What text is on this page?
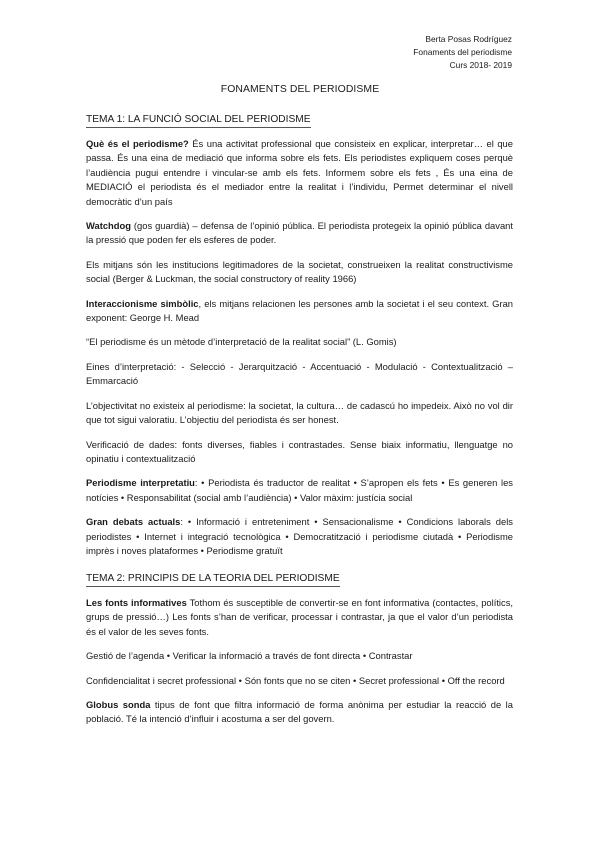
Berta Posas Rodríguez
Fonaments del periodisme
Curs 2018- 2019
FONAMENTS DEL PERIODISME
TEMA 1: LA FUNCIÓ SOCIAL DEL PERIODISME

Què és el periodisme? És una activitat professional que consisteix en explicar, interpretar… el que passa. És una eina de mediació que informa sobre els fets. Els periodistes expliquem coses perquè l’audiència pugui entendre i vincular-se amb els fets. Informem sobre els fets , És una eina de MEDIACIÓ el periodista és el mediador entre la realitat i l’individu, Permet determinar el nivell democràtic d’un país

Watchdog (gos guardià) – defensa de l’opinió pública. El periodista protegeix la opinió pública davant la pressió que poden fer els esferes de poder.

Els mitjans són les institucions legitimadores de la societat, construeixen la realitat constructivisme social (Berger & Luckman, the social constructory of reality 1966)

Interaccionisme simbòlic, els mitjans relacionen les persones amb la societat i el seu context. Gran exponent: George H. Mead

“El periodisme és un mètode d’interpretació de la realitat social” (L. Gomis)

Eines d’interpretació: - Selecció - Jerarquització - Accentuació - Modulació - Contextualització – Emmarcació

L’objectivitat no existeix al periodisme: la societat, la cultura… de cadascú ho impedeix. Això no vol dir que tot sigui valoratiu. L’objectiu del periodista és ser honest.

Verificació de dades: fonts diverses, fiables i contrastades. Sense biaix informatiu, llenguatge no opinatiu i contextualització

Periodisme interpretatiu: • Periodista és traductor de realitat • S’apropen els fets • Es generen les notícies • Responsabilitat (social amb l’audiència) • Valor màxim: justícia social

Gran debats actuals: • Informació i entreteniment • Sensacionalisme • Condicions laborals dels periodistes • Internet i integració tecnològica • Democratització i periodisme ciutadà • Periodisme imprès i noves plataformes • Periodisme gratuït

TEMA 2: PRINCIPIS DE LA TEORIA DEL PERIODISME

Les fonts informatives Tothom és susceptible de convertir-se en font informativa (contactes, polítics, grups de pressió…) Les fonts s’han de verificar, processar i contrastar, ja que el valor d’un periodista és el valor de les seves fonts.

Gestió de l’agenda • Verificar la informació a través de font directa • Contrastar

Confidencialitat i secret professional • Són fonts que no se citen • Secret professional • Off the record

Globus sonda tipus de font que filtra informació de forma anònima per estudiar la reacció de la població. Té la intenció d’influir i acostuma a ser del govern.
